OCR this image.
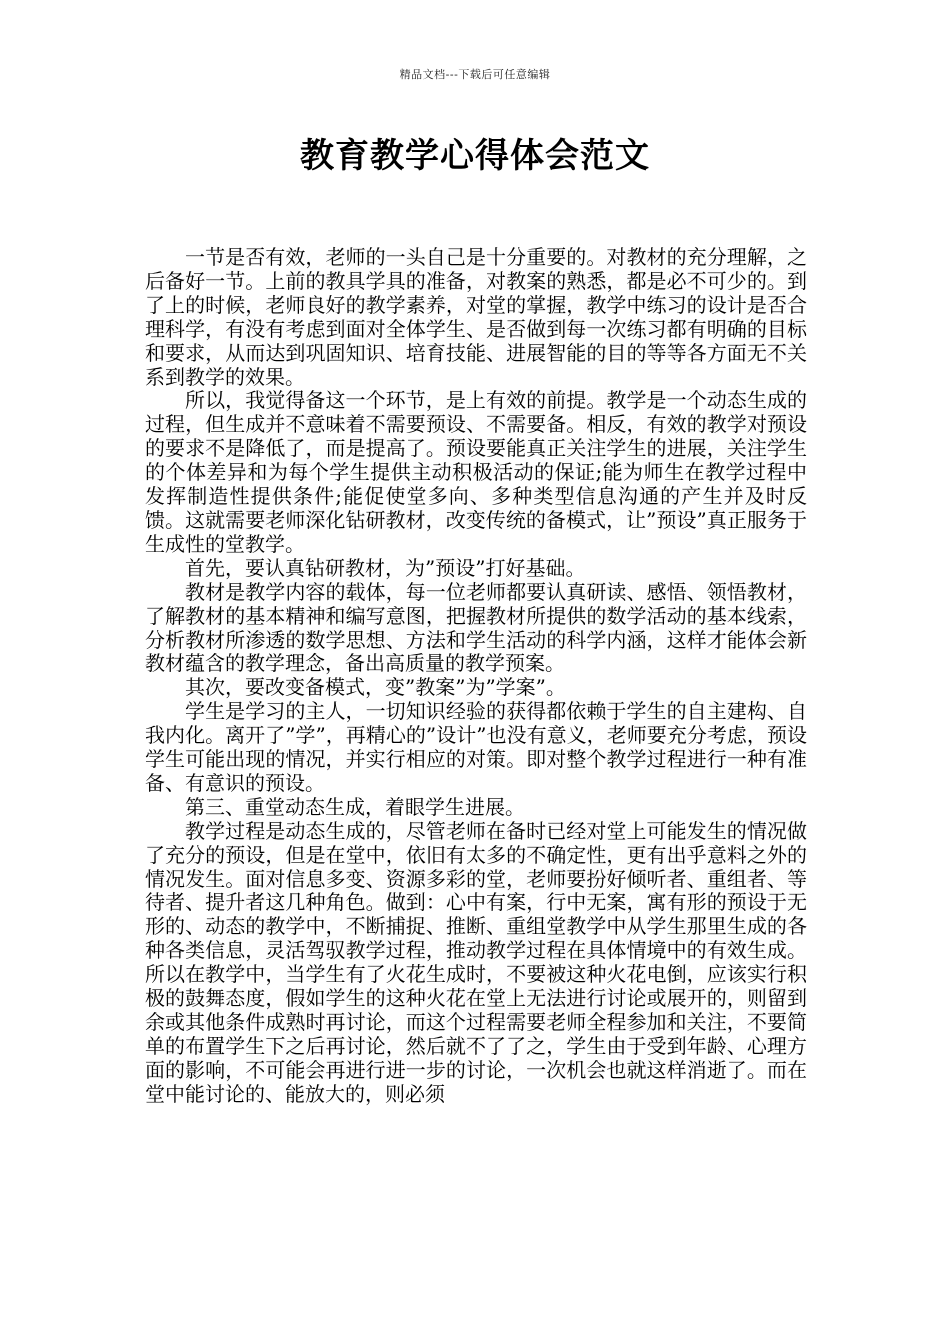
精品文档---下载后可任意编辑
教育教学心得体会范文

一节是否有效，老师的一头自己是十分重要的。对教材的充分理解，之后备好一节。上前的教具学具的准备，对教案的熟悉，都是必不可少的。到了上的时候，老师良好的教学素养，对堂的掌握，教学中练习的设计是否合理科学，有没有考虑到面对全体学生、是否做到每一次练习都有明确的目标和要求，从而达到巩固知识、培育技能、进展智能的目的等等各方面无不关系到教学的效果。

所以，我觉得备这一个环节，是上有效的前提。教学是一个动态生成的过程，但生成并不意味着不需要预设、不需要备。相反，有效的教学对预设的要求不是降低了，而是提高了。预设要能真正关注学生的进展，关注学生的个体差异和为每个学生提供主动积极活动的保证;能为师生在教学过程中发挥制造性提供条件;能促使堂多向、多种类型信息沟通的产生并及时反馈。这就需要老师深化钻研教材，改变传统的备模式，让”预设”真正服务于生成性的堂教学。

首先，要认真钻研教材，为”预设”打好基础。

教材是教学内容的载体，每一位老师都要认真研读、感悟、领悟教材，了解教材的基本精神和编写意图，把握教材所提供的数学活动的基本线索，分析教材所渗透的数学思想、方法和学生活动的科学内涵，这样才能体会新教材蕴含的教学理念，备出高质量的教学预案。

其次，要改变备模式，变”教案”为”学案”。

学生是学习的主人，一切知识经验的获得都依赖于学生的自主建构、自我内化。离开了”学”，再精心的”设计”也没有意义，老师要充分考虑，预设学生可能出现的情况，并实行相应的对策。即对整个教学过程进行一种有准备、有意识的预设。

第三、重堂动态生成，着眼学生进展。

教学过程是动态生成的，尽管老师在备时已经对堂上可能发生的情况做了充分的预设，但是在堂中，依旧有太多的不确定性，更有出乎意料之外的情况发生。面对信息多变、资源多彩的堂，老师要扮好倾听者、重组者、等待者、提升者这几种角色。做到：心中有案，行中无案，寓有形的预设于无形的、动态的教学中，不断捕捉、推断、重组堂教学中从学生那里生成的各种各类信息，灵活驾驭教学过程，推动教学过程在具体情境中的有效生成。所以在教学中，当学生有了火花生成时，不要被这种火花电倒，应该实行积极的鼓舞态度，假如学生的这种火花在堂上无法进行讨论或展开的，则留到余或其他条件成熟时再讨论，而这个过程需要老师全程参加和关注，不要简单的布置学生下之后再讨论，然后就不了了之，学生由于受到年龄、心理方面的影响，不可能会再进行进一步的讨论，一次机会也就这样消逝了。而在堂中能讨论的、能放大的，则必须
